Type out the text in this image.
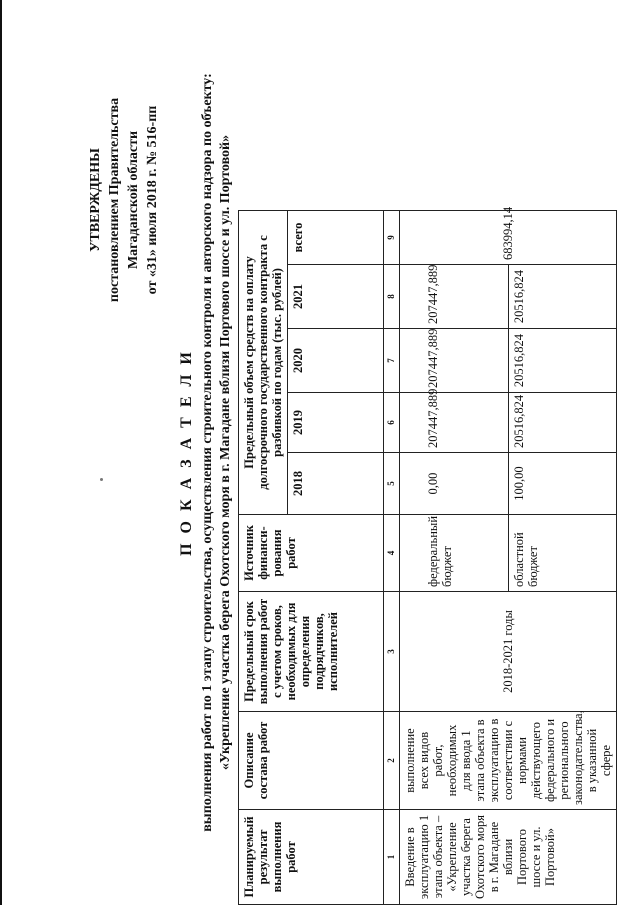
УТВЕРЖДЕНЫ постановлением Правительства Магаданской области от «31» июля 2018 г. № 516-пп
П О К А З А Т Е Л И выполнения работ по 1 этапу строительства, осуществления строительного контроля и авторского надзора по объекту: «Укрепление участка берега Охотского моря в г. Магадане вблизи Портового шоссе и ул. Портовой»
Планируемый результат выполнения работ	Описание состава работ	Предельный срок выполнения работ с учетом сроков, необходимых для определения подрядчиков, исполнителей	Источник финанси-рования работ	Предельный объем средств на оплату долгосрочного государственного контракта с разбивкой по годам (тыс. рублей)				
				2018	2019	2020	2021	всего
1	2	3	4	5	6	7	8	9
Введение в эксплуатацию 1 этапа объекта – «Укрепление участка берега Охотского моря в г. Магадане вблизи Портового шоссе и ул. Портовой»	выполнение всех видов работ, необходимых для ввода 1 этапа объекта в эксплуатацию в соответствии с нормами действующего федерального и регионального законодательства, в указанной сфере	2018-2021 годы	федеральный бюджет	0,00	207447,889	207447,889	207447,889	683994,14
			областной бюджет	100,00	20516,824	20516,824	20516,824	
